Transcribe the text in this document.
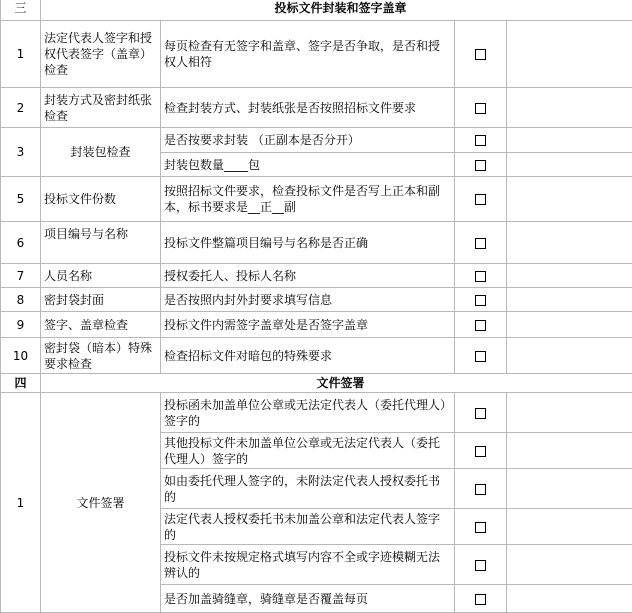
三	投标文件封装和签字盖章			
1	法定代表人签字和授权代表签字（盖章）检查	每页检查有无签字和盖章、签字是否争取，是否和授权人相符		
2	封装方式及密封纸张检查	检查封装方式、封装纸张是否按照招标文件要求		
3	封装包检查	是否按要求封装 （正副本是否分开）		
		封装包数量____包		
5	投标文件份数	按照招标文件要求，检查投标文件是否写上正本和副本，标书要求是__正__副		
6	项目编号与名称	投标文件整篇项目编号与名称是否正确		
7	人员名称	授权委托人、投标人名称		
8	密封袋封面	是否按照内封外封要求填写信息		
9	签字、盖章检查	投标文件内需签字盖章处是否签字盖章		
10	密封袋（暗本）特殊要求检查	检查招标文件对暗包的特殊要求		
四	文件签署			
1	文件签署	投标函未加盖单位公章或无法定代表人（委托代理人）签字的		
		其他投标文件未加盖单位公章或无法定代表人（委托代理人）签字的		
		如由委托代理人签字的，未附法定代表人授权委托书的		
		法定代表人授权委托书未加盖公章和法定代表人签字的		
		投标文件未按规定格式填写内容不全或字迹模糊无法辨认的		
		是否加盖骑缝章，骑缝章是否覆盖每页		
